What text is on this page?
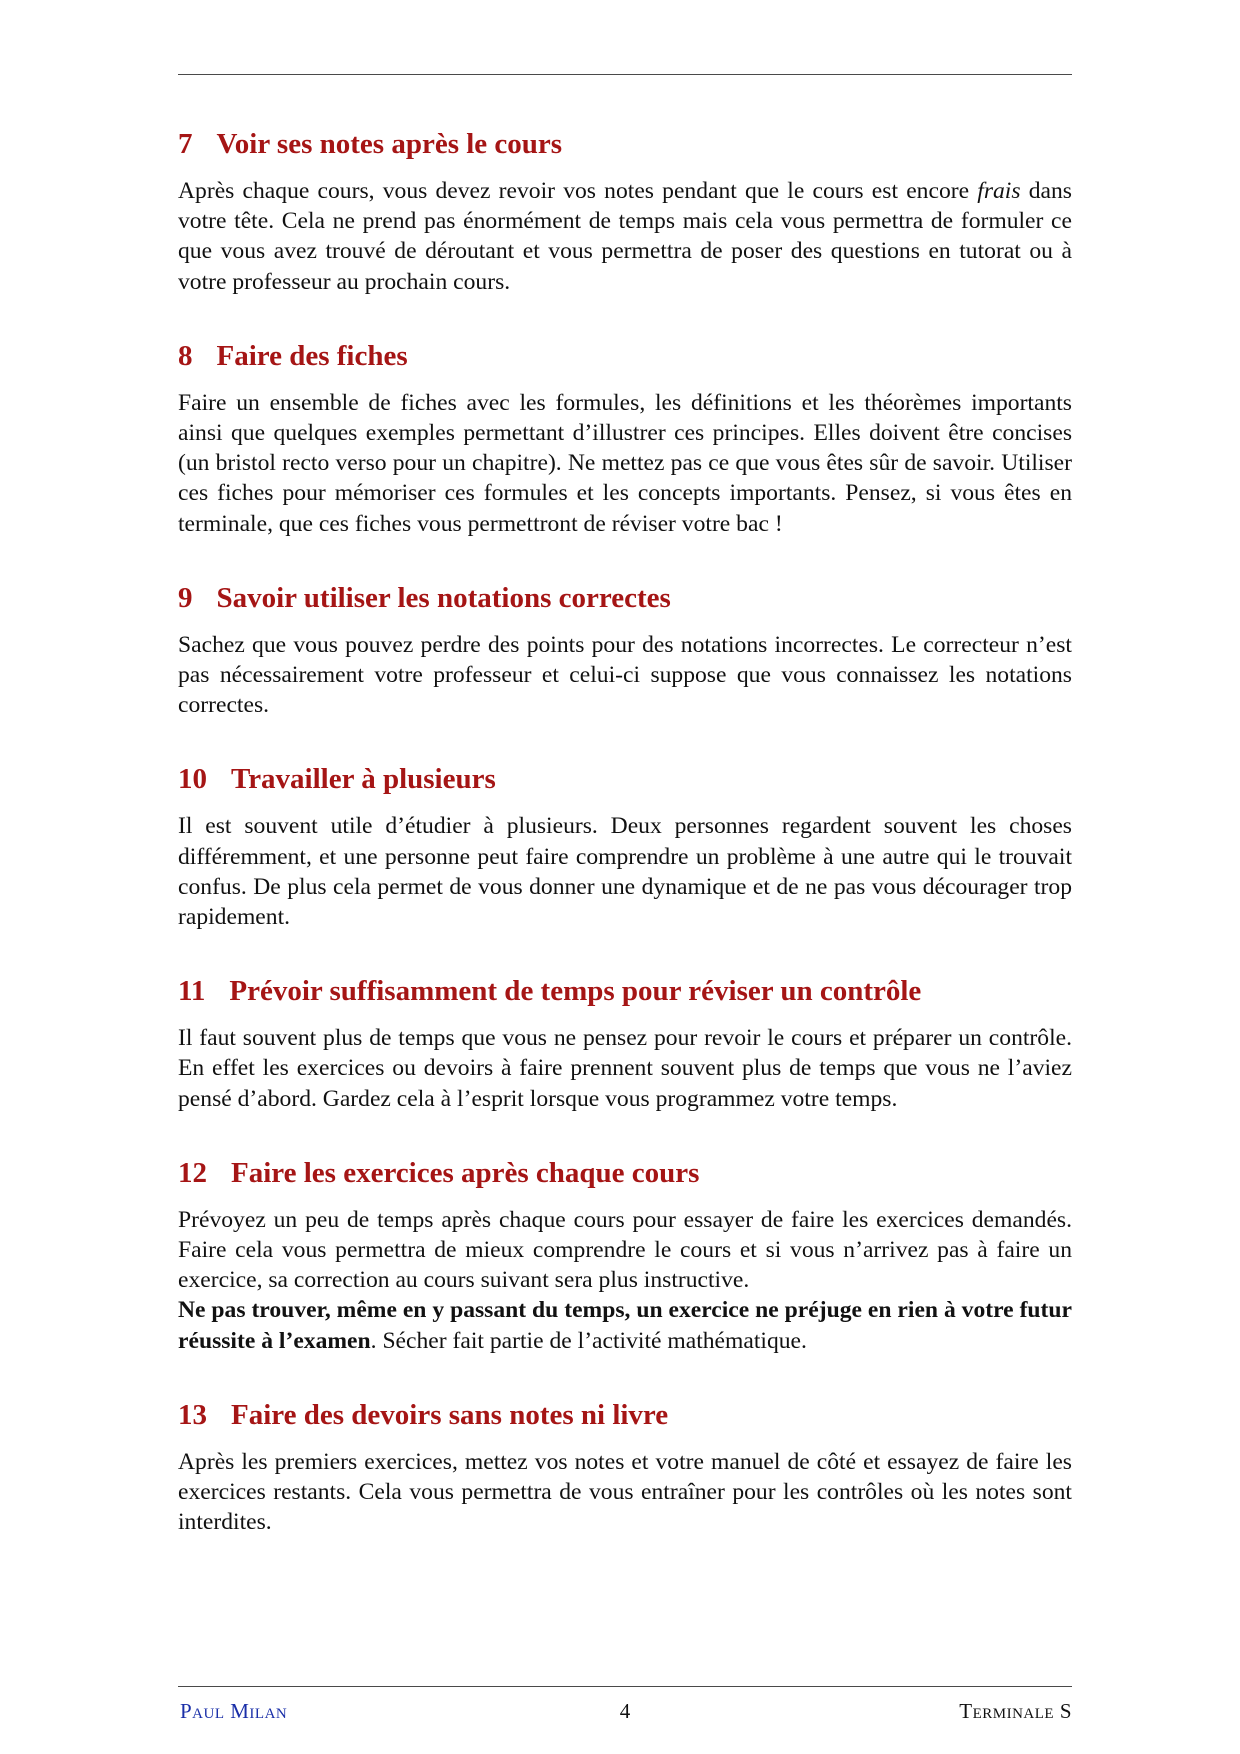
7 Voir ses notes après le cours

Après chaque cours, vous devez revoir vos notes pendant que le cours est encore frais dans votre tête. Cela ne prend pas énormément de temps mais cela vous permettra de formuler ce que vous avez trouvé de déroutant et vous permettra de poser des questions en tutorat ou à votre professeur au prochain cours.

8 Faire des fiches

Faire un ensemble de fiches avec les formules, les définitions et les théorèmes importants ainsi que quelques exemples permettant d’illustrer ces principes. Elles doivent être concises (un bristol recto verso pour un chapitre). Ne mettez pas ce que vous êtes sûr de savoir. Utiliser ces fiches pour mémoriser ces formules et les concepts importants. Pensez, si vous êtes en terminale, que ces fiches vous permettront de réviser votre bac !

9 Savoir utiliser les notations correctes

Sachez que vous pouvez perdre des points pour des notations incorrectes. Le correcteur n’est pas nécessairement votre professeur et celui-ci suppose que vous connaissez les notations correctes.

10 Travailler à plusieurs

Il est souvent utile d’étudier à plusieurs. Deux personnes regardent souvent les choses différemment, et une personne peut faire comprendre un problème à une autre qui le trouvait confus. De plus cela permet de vous donner une dynamique et de ne pas vous décourager trop rapidement.

11 Prévoir suffisamment de temps pour réviser un contrôle

Il faut souvent plus de temps que vous ne pensez pour revoir le cours et préparer un contrôle. En effet les exercices ou devoirs à faire prennent souvent plus de temps que vous ne l’aviez pensé d’abord. Gardez cela à l’esprit lorsque vous programmez votre temps.

12 Faire les exercices après chaque cours

Prévoyez un peu de temps après chaque cours pour essayer de faire les exercices demandés. Faire cela vous permettra de mieux comprendre le cours et si vous n’arrivez pas à faire un exercice, sa correction au cours suivant sera plus instructive.

Ne pas trouver, même en y passant du temps, un exercice ne préjuge en rien à votre futur réussite à l’examen. Sécher fait partie de l’activité mathématique.

13 Faire des devoirs sans notes ni livre

Après les premiers exercices, mettez vos notes et votre manuel de côté et essayez de faire les exercices restants. Cela vous permettra de vous entraîner pour les contrôles où les notes sont interdites.

Paul Milan	4	Terminale S
